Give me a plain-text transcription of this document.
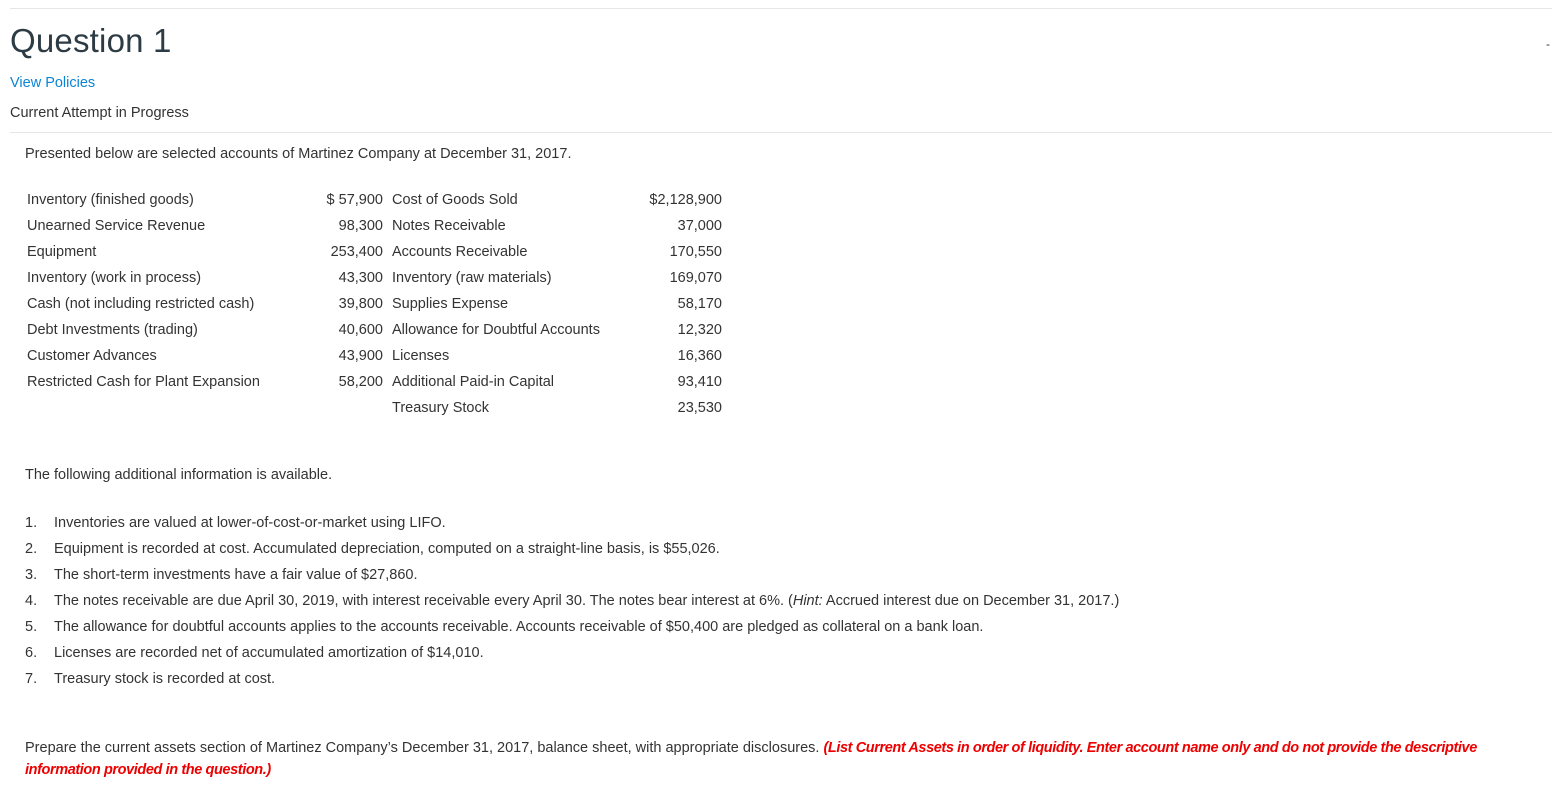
Question 1	-
View Policies
Current Attempt in Progress

Presented below are selected accounts of Martinez Company at December 31, 2017.

Inventory (finished goods)	$ 57,900	Cost of Goods Sold	$2,128,900
Unearned Service Revenue	98,300	Notes Receivable	37,000
Equipment	253,400	Accounts Receivable	170,550
Inventory (work in process)	43,300	Inventory (raw materials)	169,070
Cash (not including restricted cash)	39,800	Supplies Expense	58,170
Debt Investments (trading)	40,600	Allowance for Doubtful Accounts	12,320
Customer Advances	43,900	Licenses	16,360
Restricted Cash for Plant Expansion	58,200	Additional Paid-in Capital	93,410
		Treasury Stock	23,530

The following additional information is available.

1. Inventories are valued at lower-of-cost-or-market using LIFO.
2. Equipment is recorded at cost. Accumulated depreciation, computed on a straight-line basis, is $55,026.
3. The short-term investments have a fair value of $27,860.
4. The notes receivable are due April 30, 2019, with interest receivable every April 30. The notes bear interest at 6%. (Hint: Accrued interest due on December 31, 2017.)
5. The allowance for doubtful accounts applies to the accounts receivable. Accounts receivable of $50,400 are pledged as collateral on a bank loan.
6. Licenses are recorded net of accumulated amortization of $14,010.
7. Treasury stock is recorded at cost.
Prepare the current assets section of Martinez Company’s December 31, 2017, balance sheet, with appropriate disclosures. (List Current Assets in order of liquidity. Enter account name only and do not provide the descriptive information provided in the question.)
